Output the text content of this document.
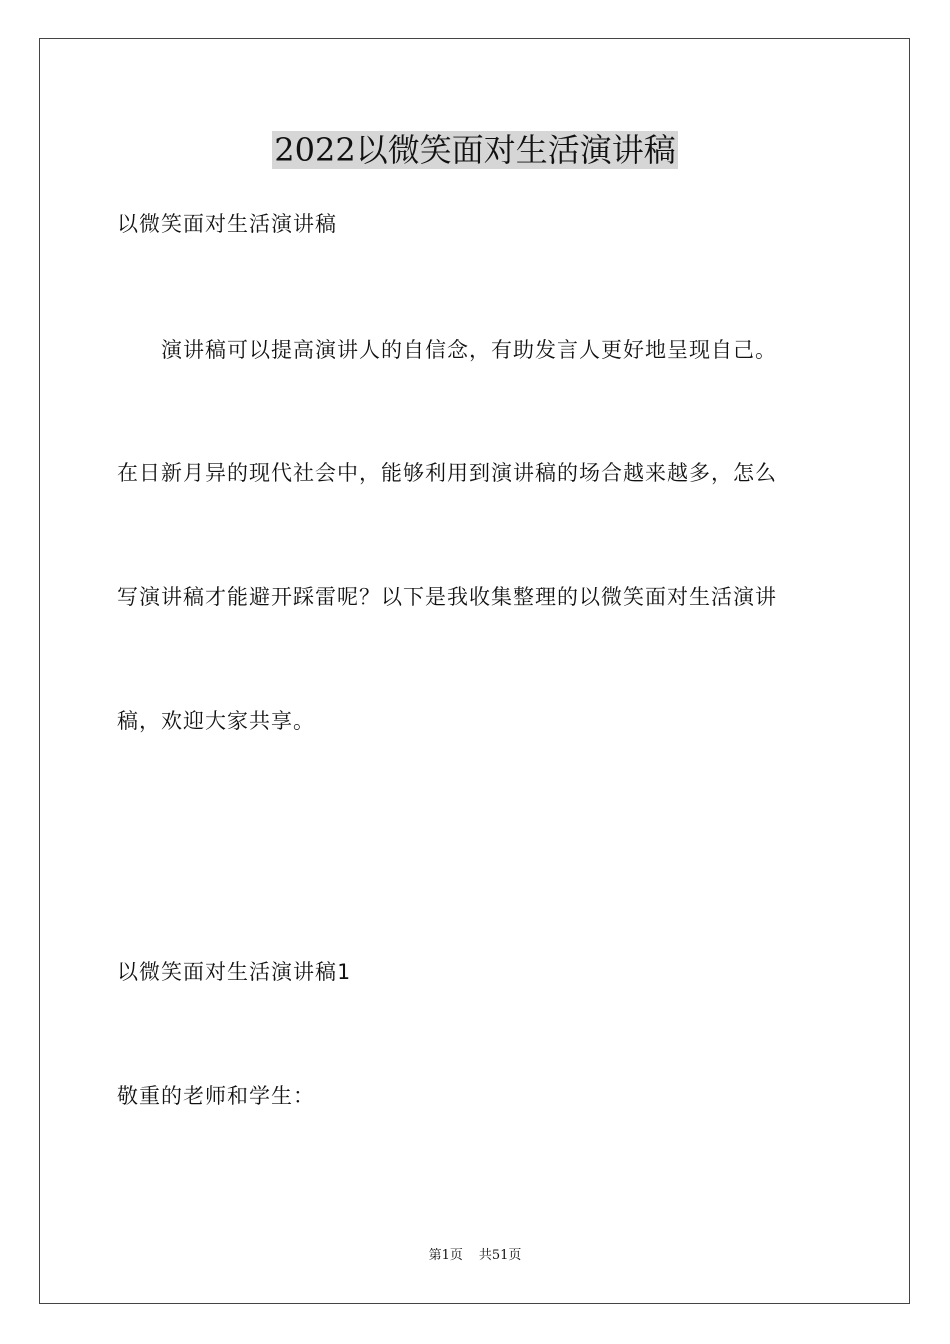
2022以微笑面对生活演讲稿
以微笑面对生活演讲稿
　　演讲稿可以提高演讲人的自信念，有助发言人更好地呈现自己。
在日新月异的现代社会中，能够利用到演讲稿的场合越来越多，怎么
写演讲稿才能避开踩雷呢？以下是我收集整理的以微笑面对生活演讲
稿，欢迎大家共享。
以微笑面对生活演讲稿1
敬重的老师和学生：
第1页 共51页
